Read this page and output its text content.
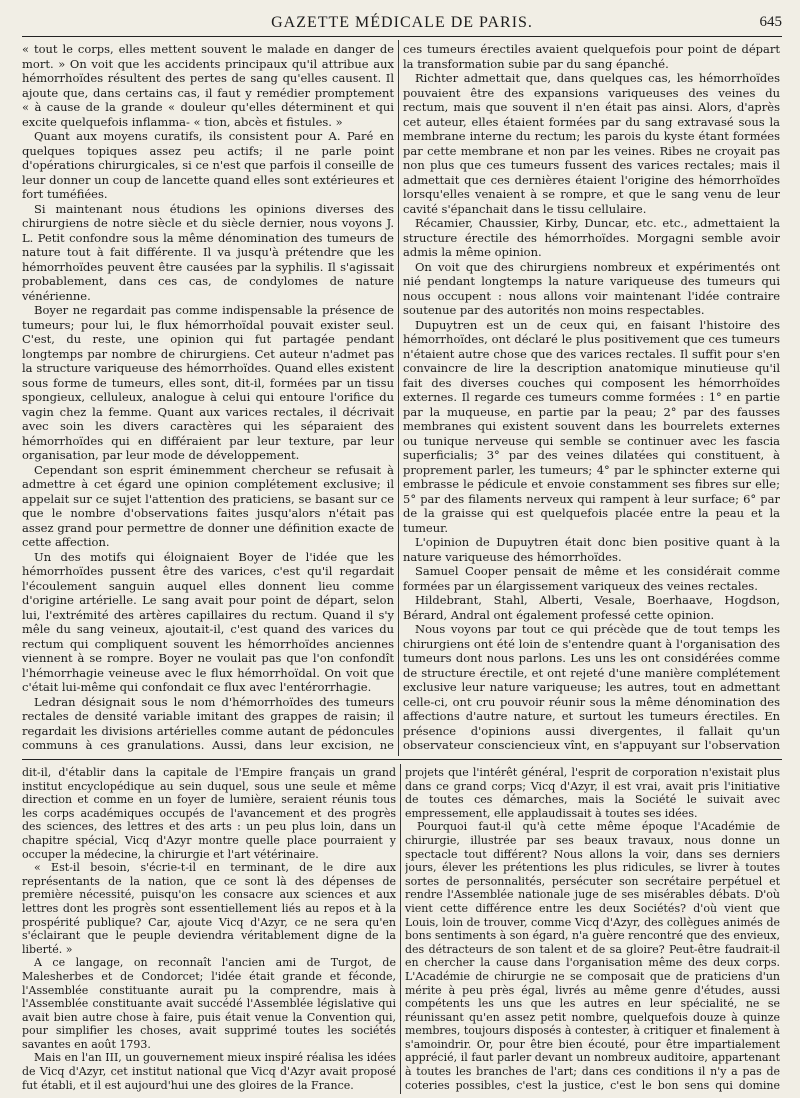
GAZETTE MÉDICALE DE PARIS.	645

« tout le corps, elles mettent souvent le malade en danger de mort. » On voit que les accidents principaux qu'il attribue aux hémorrhoïdes résultent des pertes de sang qu'elles causent. Il ajoute que, dans certains cas, il faut y remédier promptement « à cause de la grande « douleur qu'elles déterminent et qui excite quelquefois inflamma- « tion, abcès et fistules. »

Quant aux moyens curatifs, ils consistent pour A. Paré en quelques topiques assez peu actifs; il ne parle point d'opérations chirurgicales, si ce n'est que parfois il conseille de leur donner un coup de lancette quand elles sont extérieures et fort tuméfiées.

Si maintenant nous étudions les opinions diverses des chirurgiens de notre siècle et du siècle dernier, nous voyons J. L. Petit confondre sous la même dénomination des tumeurs de nature tout à fait différente. Il va jusqu'à prétendre que les hémorrhoïdes peuvent être causées par la syphilis. Il s'agissait probablement, dans ces cas, de condylomes de nature vénérienne.

Boyer ne regardait pas comme indispensable la présence de tumeurs; pour lui, le flux hémorrhoïdal pouvait exister seul. C'est, du reste, une opinion qui fut partagée pendant longtemps par nombre de chirurgiens. Cet auteur n'admet pas la structure variqueuse des hémorrhoïdes. Quand elles existent sous forme de tumeurs, elles sont, dit-il, formées par un tissu spongieux, celluleux, analogue à celui qui entoure l'orifice du vagin chez la femme. Quant aux varices rectales, il décrivait avec soin les divers caractères qui les séparaient des hémorrhoïdes qui en différaient par leur texture, par leur organisation, par leur mode de développement.

Cependant son esprit éminemment chercheur se refusait à admettre à cet égard une opinion complétement exclusive; il appelait sur ce sujet l'attention des praticiens, se basant sur ce que le nombre d'observations faites jusqu'alors n'était pas assez grand pour permettre de donner une définition exacte de cette affection.

Un des motifs qui éloignaient Boyer de l'idée que les hémorrhoïdes pussent être des varices, c'est qu'il regardait l'écoulement sanguin auquel elles donnent lieu comme d'origine artérielle. Le sang avait pour point de départ, selon lui, l'extrémité des artères capillaires du rectum. Quand il s'y mêle du sang veineux, ajoutait-il, c'est quand des varices du rectum qui compliquent souvent les hémorrhoïdes anciennes viennent à se rompre. Boyer ne voulait pas que l'on confondît l'hémorrhagie veineuse avec le flux hémorrhoïdal. On voit que c'était lui-même qui confondait ce flux avec l'entérorrhagie.

Ledran désignait sous le nom d'hémorrhoïdes des tumeurs rectales de densité variable imitant des grappes de raisin; il regardait les divisions artérielles comme autant de pédoncules communs à ces granulations. Aussi, dans leur excision, ne

ces tumeurs érectiles avaient quelquefois pour point de départ la transformation subie par du sang épanché.

Richter admettait que, dans quelques cas, les hémorrhoïdes pouvaient être des expansions variqueuses des veines du rectum, mais que souvent il n'en était pas ainsi. Alors, d'après cet auteur, elles étaient formées par du sang extravasé sous la membrane interne du rectum; les parois du kyste étant formées par cette membrane et non par les veines. Ribes ne croyait pas non plus que ces tumeurs fussent des varices rectales; mais il admettait que ces dernières étaient l'origine des hémorrhoïdes lorsqu'elles venaient à se rompre, et que le sang venu de leur cavité s'épanchait dans le tissu cellulaire.

Récamier, Chaussier, Kirby, Duncar, etc. etc., admettaient la structure érectile des hémorrhoïdes. Morgagni semble avoir admis la même opinion.

On voit que des chirurgiens nombreux et expérimentés ont nié pendant longtemps la nature variqueuse des tumeurs qui nous occupent : nous allons voir maintenant l'idée contraire soutenue par des autorités non moins respectables.

Dupuytren est un de ceux qui, en faisant l'histoire des hémorrhoïdes, ont déclaré le plus positivement que ces tumeurs n'étaient autre chose que des varices rectales. Il suffit pour s'en convaincre de lire la description anatomique minutieuse qu'il fait des diverses couches qui composent les hémorrhoïdes externes. Il regarde ces tumeurs comme formées : 1° en partie par la muqueuse, en partie par la peau; 2° par des fausses membranes qui existent souvent dans les bourrelets externes ou tunique nerveuse qui semble se continuer avec les fascia superficialis; 3° par des veines dilatées qui constituent, à proprement parler, les tumeurs; 4° par le sphincter externe qui embrasse le pédicule et envoie constamment ses fibres sur elle; 5° par des filaments nerveux qui rampent à leur surface; 6° par de la graisse qui est quelquefois placée entre la peau et la tumeur.

L'opinion de Dupuytren était donc bien positive quant à la nature variqueuse des hémorrhoïdes.

Samuel Cooper pensait de même et les considérait comme formées par un élargissement variqueux des veines rectales.

Hildebrant, Stahl, Alberti, Vesale, Boerhaave, Hogdson, Bérard, Andral ont également professé cette opinion.

Nous voyons par tout ce qui précède que de tout temps les chirurgiens ont été loin de s'entendre quant à l'organisation des tumeurs dont nous parlons. Les uns les ont considérées comme de structure érectile, et ont rejeté d'une manière complétement exclusive leur nature variqueuse; les autres, tout en admettant celle-ci, ont cru pouvoir réunir sous la même dénomination des affections d'autre nature, et surtout les tumeurs érectiles. En présence d'opinions aussi divergentes, il fallait qu'un observateur consciencieux vînt, en s'appuyant sur l'observation

dit-il, d'établir dans la capitale de l'Empire français un grand institut encyclopédique au sein duquel, sous une seule et même direction et comme en un foyer de lumière, seraient réunis tous les corps académiques occupés de l'avancement et des progrès des sciences, des lettres et des arts : un peu plus loin, dans un chapitre spécial, Vicq d'Azyr montre quelle place pourraient y occuper la médecine, la chirurgie et l'art vétérinaire.

« Est-il besoin, s'écrie-t-il en terminant, de le dire aux représentants de la nation, que ce sont là des dépenses de première nécessité, puisqu'on les consacre aux sciences et aux lettres dont les progrès sont essentiellement liés au repos et à la prospérité publique? Car, ajoute Vicq d'Azyr, ce ne sera qu'en s'éclairant que le peuple deviendra véritablement digne de la liberté. »

A ce langage, on reconnaît l'ancien ami de Turgot, de Malesherbes et de Condorcet; l'idée était grande et féconde, l'Assemblée constituante aurait pu la comprendre, mais à l'Assemblée constituante avait succédé l'Assemblée législative qui avait bien autre chose à faire, puis était venue la Convention qui, pour simplifier les choses, avait supprimé toutes les sociétés savantes en août 1793.

Mais en l'an III, un gouvernement mieux inspiré réalisa les idées de Vicq d'Azyr, cet institut national que Vicq d'Azyr avait proposé fut établi, et il est aujourd'hui une des gloires de la France.

projets que l'intérêt général, l'esprit de corporation n'existait plus dans ce grand corps; Vicq d'Azyr, il est vrai, avait pris l'initiative de toutes ces démarches, mais la Société le suivait avec empressement, elle applaudissait à toutes ses idées.

Pourquoi faut-il qu'à cette même époque l'Académie de chirurgie, illustrée par ses beaux travaux, nous donne un spectacle tout différent? Nous allons la voir, dans ses derniers jours, élever les prétentions les plus ridicules, se livrer à toutes sortes de personnalités, persécuter son secrétaire perpétuel et rendre l'Assemblée nationale juge de ses misérables débats. D'où vient cette différence entre les deux Sociétés? d'où vient que Louis, loin de trouver, comme Vicq d'Azyr, des collègues animés de bons sentiments à son égard, n'a guère rencontré que des envieux, des détracteurs de son talent et de sa gloire? Peut-être faudrait-il en chercher la cause dans l'organisation même des deux corps. L'Académie de chirurgie ne se composait que de praticiens d'un mérite à peu près égal, livrés au même genre d'études, aussi compétents les uns que les autres en leur spécialité, ne se réunissant qu'en assez petit nombre, quelquefois douze à quinze membres, toujours disposés à contester, à critiquer et finalement à s'amoindrir. Or, pour être bien écouté, pour être impartialement apprécié, il faut parler devant un nombreux auditoire, appartenant à toutes les branches de l'art; dans ces conditions il n'y a pas de coteries possibles, c'est la justice, c'est le bon sens qui domine
